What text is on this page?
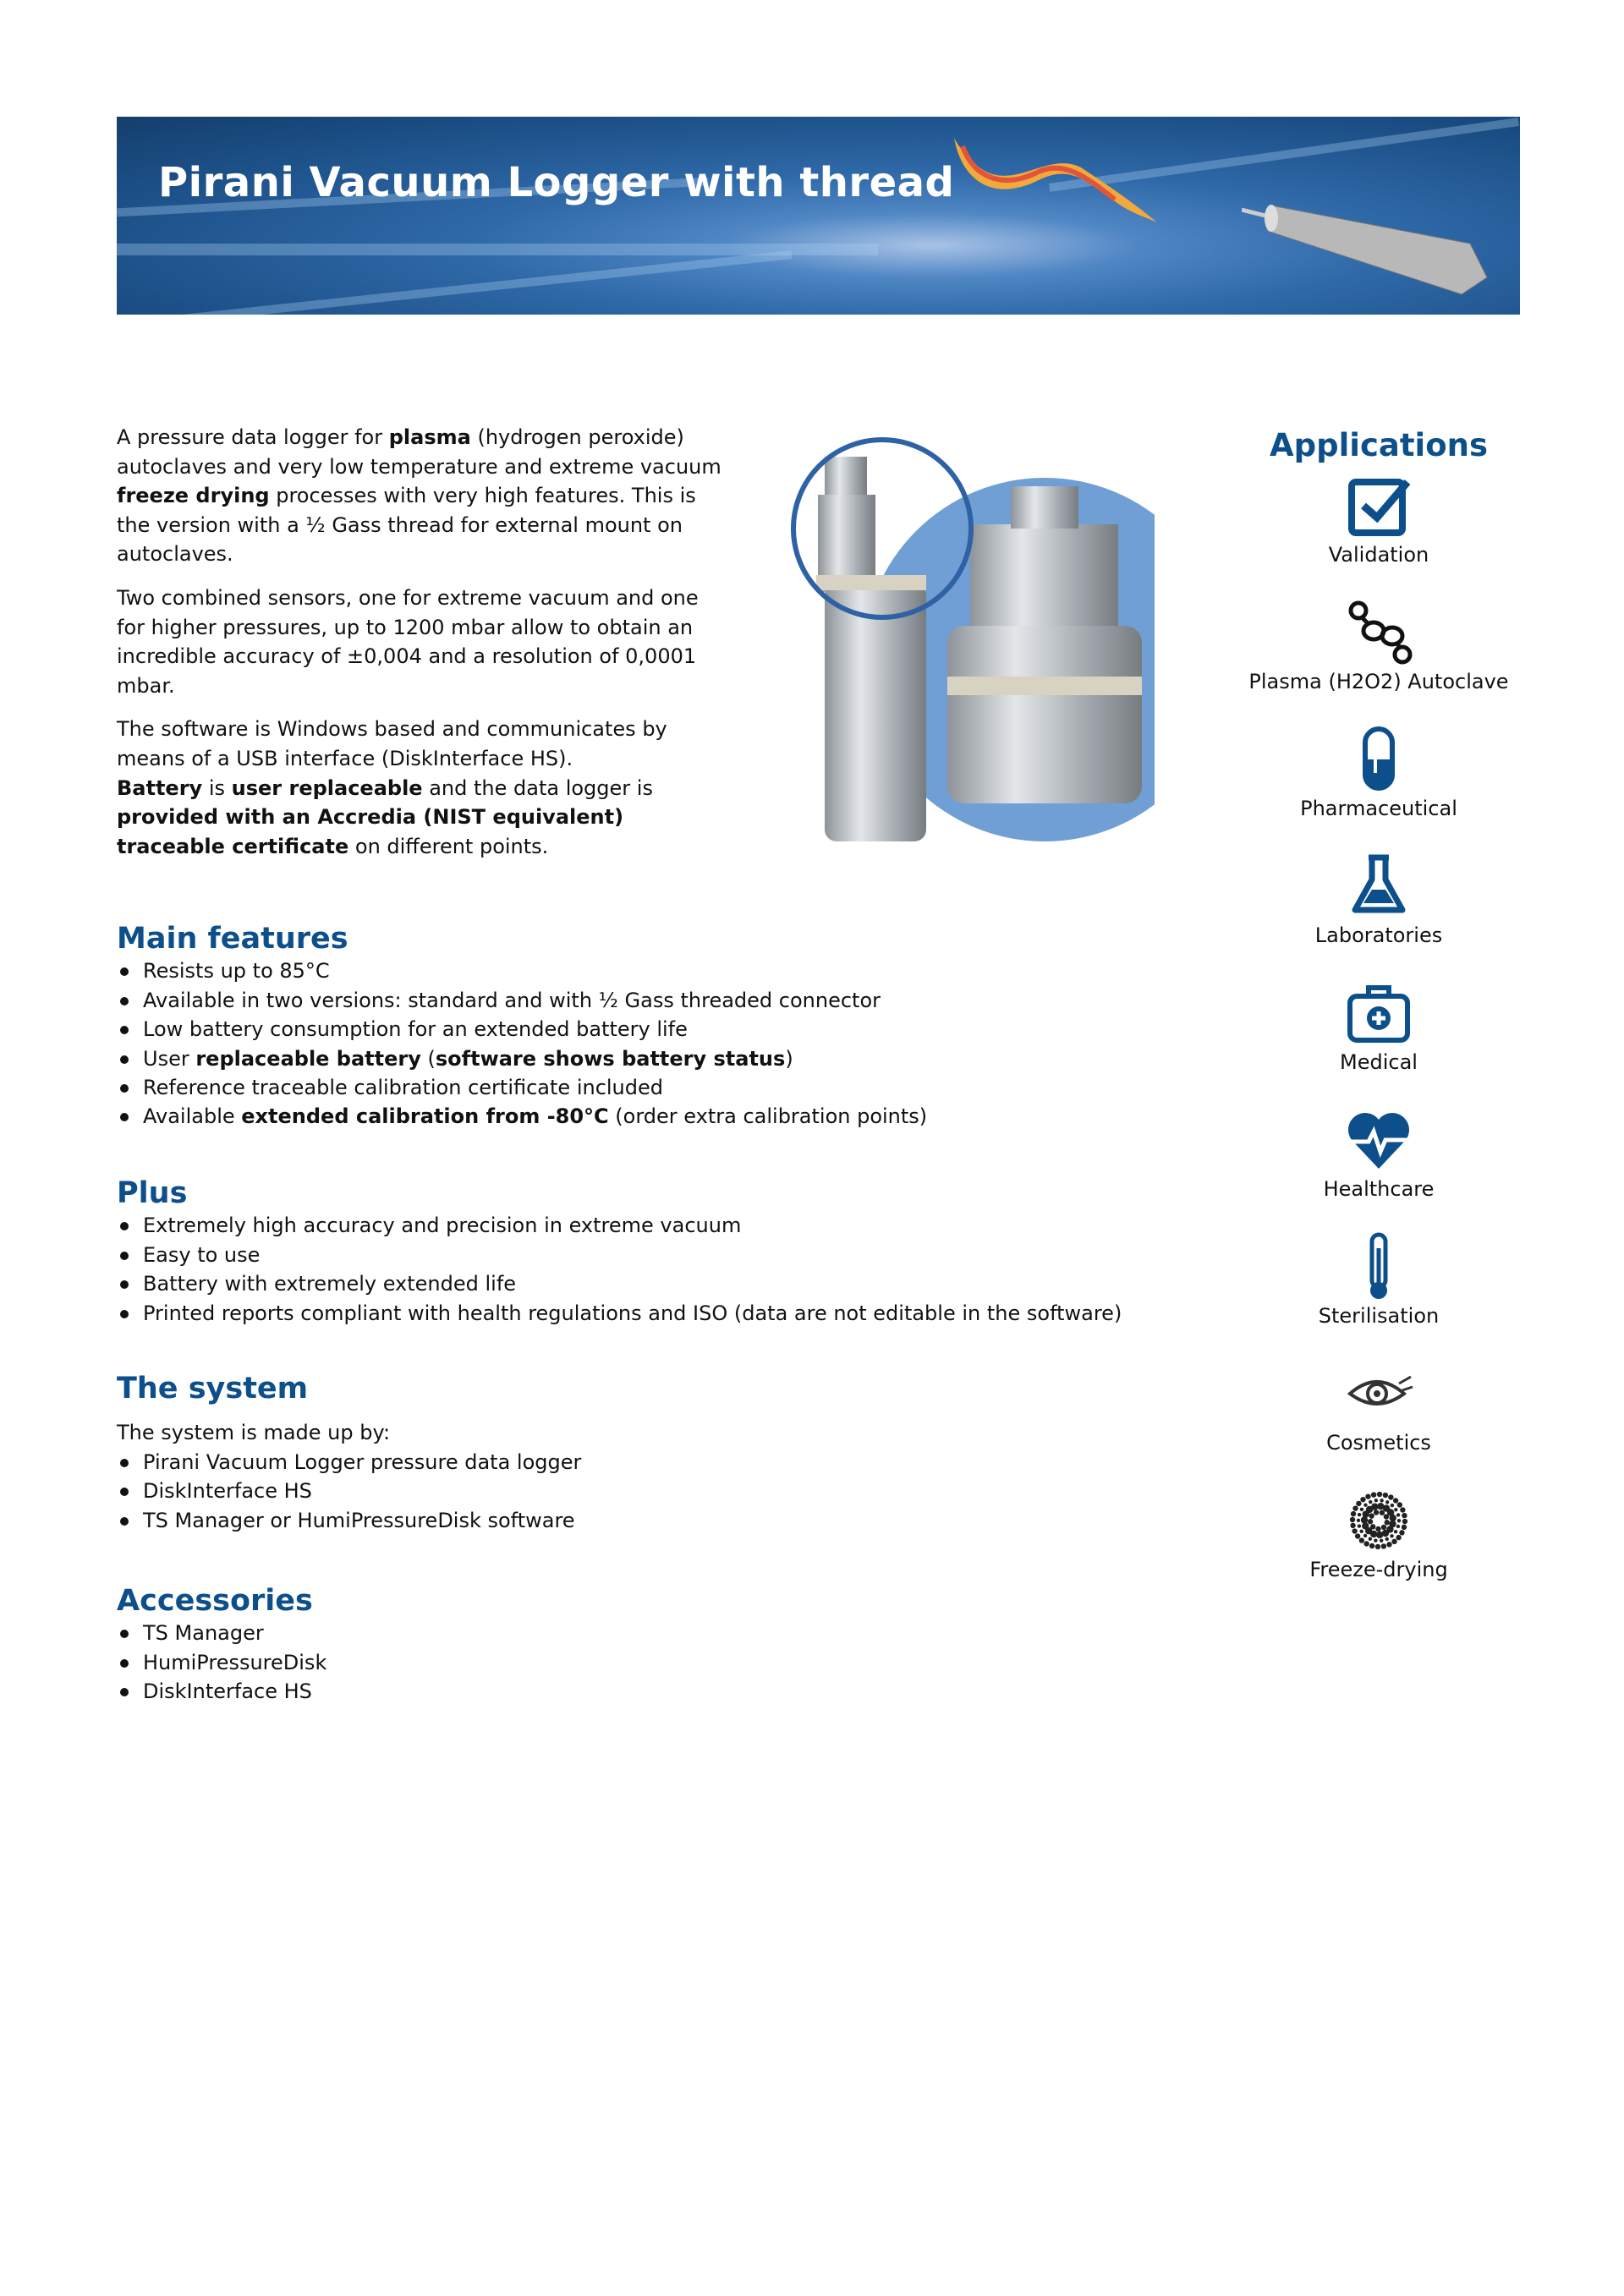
Pirani Vacuum Logger with thread

A pressure data logger for plasma (hydrogen peroxide) autoclaves and very low temperature and extreme vacuum freeze drying processes with very high features. This is the version with a ½ Gass thread for external mount on autoclaves.

Two combined sensors, one for extreme vacuum and one for higher pressures, up to 1200 mbar allow to obtain an incredible accuracy of ±0,004 and a resolution of 0,0001 mbar.

The software is Windows based and communicates by means of a USB interface (DiskInterface HS).
Battery is user replaceable and the data logger is provided with an Accredia (NIST equivalent) traceable certificate on different points.

Main features
Resists up to 85°C
Available in two versions: standard and with ½ Gass threaded connector
Low battery consumption for an extended battery life
User replaceable battery (software shows battery status)
Reference traceable calibration certificate included
Available extended calibration from -80°C (order extra calibration points)
Plus
Extremely high accuracy and precision in extreme vacuum
Easy to use
Battery with extremely extended life
Printed reports compliant with health regulations and ISO (data are not editable in the software)
The system

The system is made up by:

Pirani Vacuum Logger pressure data logger
DiskInterface HS
TS Manager or HumiPressureDisk software
Accessories
TS Manager
HumiPressureDisk
DiskInterface HS
Applications
Validation
Plasma (H2O2) Autoclave
Pharmaceutical
Laboratories
Medical
Healthcare
Sterilisation
Cosmetics
Freeze-drying
